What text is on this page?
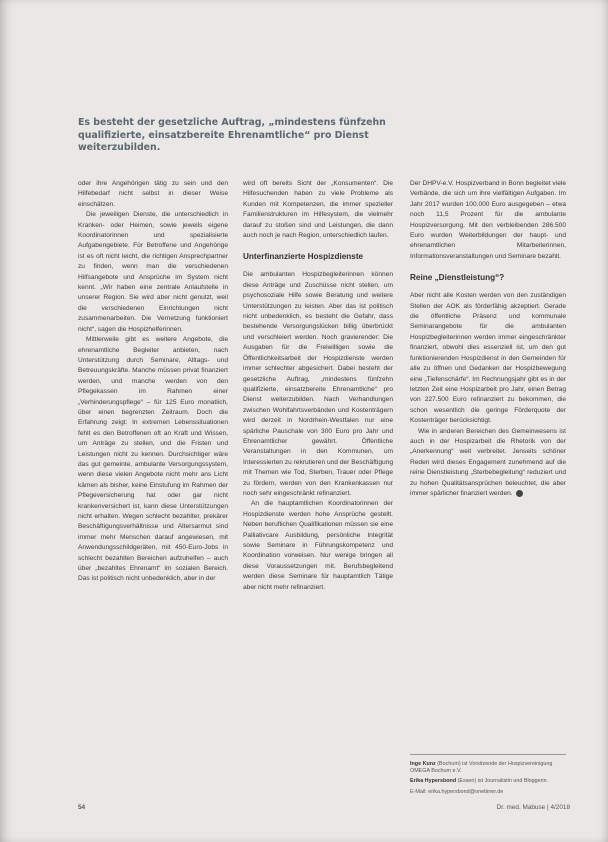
Es besteht der gesetzliche Auftrag, „mindestens fünfzehn qualifizierte, einsatzbereite Ehrenamtliche“ pro Dienst weiterzubilden.

oder ihre Angehörigen tätig zu sein und den Hilfebedarf nicht selbst in dieser Weise einschätzen.

Die jeweiligen Dienste, die unterschiedlich in Kranken- oder Heimen, sowie jeweils eigene Koordinatorinnen und spezialisierte Aufgabengebiete. Für Betroffene und Angehörige ist es oft nicht leicht, die richtigen Ansprechpartner zu finden, wenn man die verschiedenen Hilfsangebote und Ansprüche im System nicht kennt. „Wir haben eine zentrale Anlaufstelle in unserer Region. Sie wird aber nicht genutzt, weil die verschiedenen Einrichtungen nicht zusammenarbeiten. Die Vernetzung funktioniert nicht“, sagen die Hospizhelferinnen.

Mittlerweile gibt es weitere Angebote, die ehrenamtliche Begleiter anbieten, nach Unterstützung durch Seminare, Alltags- und Betreuungskräfte. Manche müssen privat finanziert werden, und manche werden von den Pflegekassen im Rahmen einer „Verhinderungspflege“ – für 125 Euro monatlich, über einen begrenzten Zeitraum. Doch die Erfahrung zeigt: In extremen Lebenssituationen fehlt es den Betroffenen oft an Kraft und Wissen, um Anträge zu stellen, und die Fristen und Leistungen nicht zu kennen. Durchsichtiger wäre das gut gemeinte, ambulante Versorgungssystem, wenn diese vielen Angebote nicht mehr ans Licht kämen als bisher, keine Einstufung im Rahmen der Pflegeversicherung hat oder gar nicht krankenversichert ist, kann diese Unterstützungen nicht erhalten. Wegen schlecht bezahlter, prekärer Beschäftigungsverhältnisse und Altersarmut sind immer mehr Menschen darauf angewiesen, mit Anwendungsschildgeräten, mit 450-Euro-Jobs in schlecht bezahlten Bereichen aufzuhelfen – auch über „bezahltes Ehrenamt“ im sozialen Bereich. Das ist politisch nicht unbedenklich, aber in der

wird oft bereits Sicht der „Konsumenten“. Die Hilfesuchenden haben zu viele Probleme als Kunden mit Kompetenzen, die immer spezieller Familienstrukturen im Hilfesystem, die vielmehr darauf zu stoßen sind und Leistungen, die dann auch noch je nach Region, unterschiedlich laufen.

Unterfinanzierte Hospizdienste

Die ambulanten Hospizbegleiterinnen können diese Anträge und Zuschüsse nicht stellen, um psychosoziale Hilfe sowie Beratung und weitere Unterstützungen zu leisten. Aber das ist politisch nicht unbedenklich, es besteht die Gefahr, dass bestehende Versorgungslücken billig überbrückt und verschleiert werden. Noch gravierender: Die Ausgaben für die Freiwilligen sowie die Öffentlichkeitsarbeit der Hospizdienste werden immer schlechter abgesichert. Dabei besteht der gesetzliche Auftrag, „mindestens fünfzehn qualifizierte, einsatzbereite Ehrenamtliche“ pro Dienst weiterzubilden. Nach Verhandlungen zwischen Wohlfahrtsverbänden und Kostenträgern wird derzeit in Nordrhein-Westfalen nur eine spärliche Pauschale von 300 Euro pro Jahr und Ehrenamtlicher gewährt. Öffentliche Veranstaltungen in den Kommunen, um Interessierten zu rekrutieren und der Beschäftigung mit Themen wie Tod, Sterben, Trauer oder Pflege zu fördern, werden von den Krankenkassen nur noch sehr eingeschränkt refinanziert.

An die hauptamtlichen Koordinatorinnen der Hospizdienste werden hohe Ansprüche gestellt. Neben beruflichen Qualifikationen müssen sie eine Palliativcare Ausbildung, persönliche Integrität sowie Seminare in Führungskompetenz und Koordination vorweisen. Nur wenige bringen all diese Voraussetzungen mit. Berufsbegleitend werden diese Seminare für hauptamtlich Tätige aber nicht mehr refinanziert.

Der DHPV-e.V. Hospizverband in Bonn begleitet viele Verbände, die sich um ihre vielfältigen Aufgaben. Im Jahr 2017 wurden 100.000 Euro ausgegeben – etwa noch 11,5 Prozent für die ambulante Hospizversorgung. Mit den verbleibenden 286.500 Euro wurden Weiterbildungen der haupt- und ehrenamtlichen Mitarbeiterinnen, Informationsveranstaltungen und Seminare bezahlt.

Reine „Dienstleistung“?

Aber nicht alle Kosten werden von den zuständigen Stellen der AOK als förderfähig akzeptiert. Gerade die öffentliche Präsenz und kommunale Seminarangebote für die ambulanten Hospizbegleiterinnen werden immer eingeschränkter finanziert, obwohl dies essenziell ist, um den gut funktionierenden Hospizdienst in den Gemeinden für alle zu öffnen und Gedanken der Hospizbewegung eine „Tiefenschärfe“. Im Rechnungsjahr gibt es in der letzten Zeit eine Hospizarbeit pro Jahr, einen Betrag von 227.500 Euro refinanziert zu bekommen, die schon wesentlich die geringe Förderquote der Kostenträger berücksichtigt.

Wie in anderen Bereichen des Gemeinwesens ist auch in der Hospizarbeit die Rhetorik von der „Anerkennung“ weit verbreitet. Jenseits schöner Reden wird dieses Engagement zunehmend auf die reine Dienstleistung „Sterbebegleitung“ reduziert und zu hohen Qualitätsansprüchen beleuchtet, die aber immer spärlicher finanziert werden.

Inge Kunz (Bochum) ist Vorsitzende der Hospizvereinigung OMEGA Bochum e.V.

Erika Hypersbond (Essen) ist Journalistin und Bloggerin.

E-Mail: erika.hypersbond@onebiner.de

54	Dr. med. Mabuse | 4/2018
